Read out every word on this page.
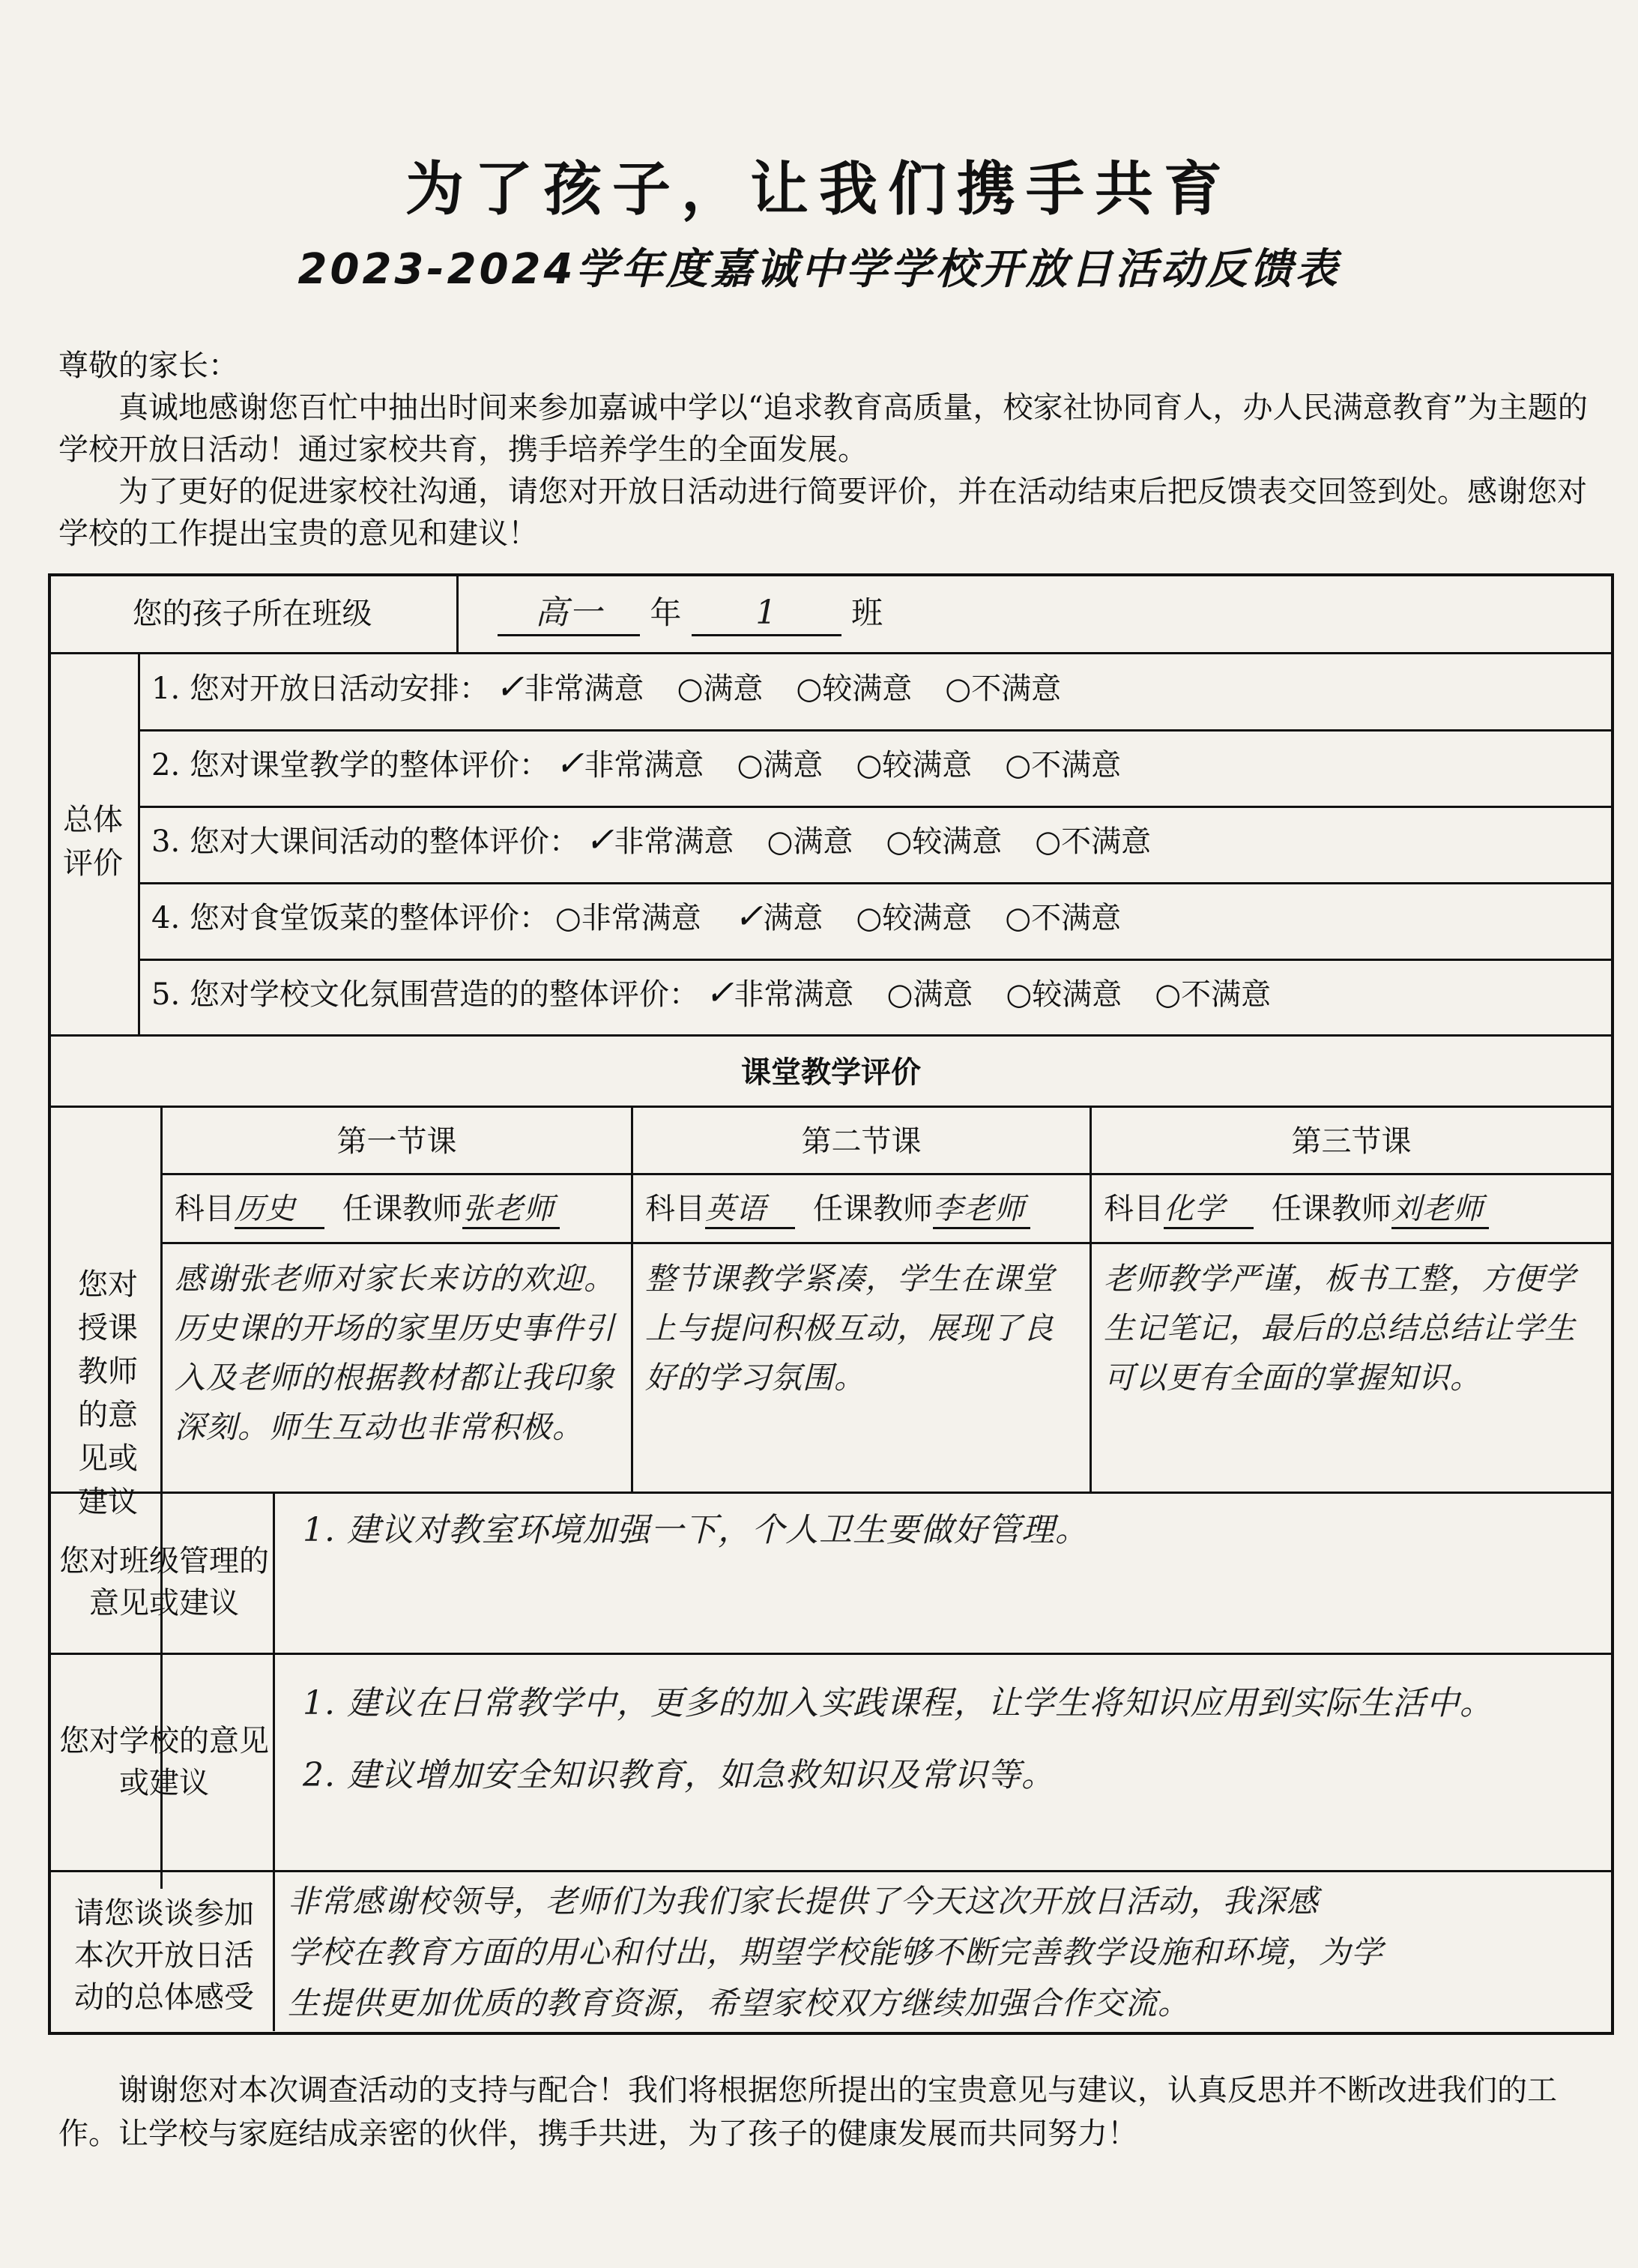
为了孩子，让我们携手共育
2023-2024学年度嘉诚中学学校开放日活动反馈表

尊敬的家长：

真诚地感谢您百忙中抽出时间来参加嘉诚中学以“追求教育高质量，校家社协同育人，办人民满意教育”为主题的学校开放日活动！通过家校共育，携手培养学生的全面发展。

为了更好的促进家校社沟通，请您对开放日活动进行简要评价，并在活动结束后把反馈表交回签到处。感谢您对学校的工作提出宝贵的意见和建议！

您的孩子所在班级	高一 年 1 班
总体评价
1. 您对开放日活动安排： ✓非常满意 ○满意 ○较满意 ○不满意
2. 您对课堂教学的整体评价： ✓非常满意 ○满意 ○较满意 ○不满意
3. 您对大课间活动的整体评价： ✓非常满意 ○满意 ○较满意 ○不满意
4. 您对食堂饭菜的整体评价： ○非常满意 ✓满意 ○较满意 ○不满意
5. 您对学校文化氛围营造的的整体评价： ✓非常满意 ○满意 ○较满意 ○不满意
课堂教学评价
您对授课教师的意见或建议
第一节课
科目历史 任课教师张老师
感谢张老师对家长来访的欢迎。历史课的开场的家里历史事件引入及老师的根据教材都让我印象深刻。师生互动也非常积极。
第二节课
科目英语 任课教师李老师
整节课教学紧凑，学生在课堂上与提问积极互动，展现了良好的学习氛围。
第三节课
科目化学 任课教师刘老师
老师教学严谨，板书工整，方便学生记笔记，最后的总结总结让学生可以更有全面的掌握知识。
您对班级管理的意见或建议
1. 建议对教室环境加强一下，个人卫生要做好管理。
您对学校的意见或建议
1. 建议在日常教学中，更多的加入实践课程，让学生将知识应用到实际生活中。
2. 建议增加安全知识教育，如急救知识及常识等。
请您谈谈参加本次开放日活动的总体感受
非常感谢校领导，老师们为我们家长提供了今天这次开放日活动，我深感
学校在教育方面的用心和付出，期望学校能够不断完善教学设施和环境，为学
生提供更加优质的教育资源，希望家校双方继续加强合作交流。

谢谢您对本次调查活动的支持与配合！我们将根据您所提出的宝贵意见与建议，认真反思并不断改进我们的工作。让学校与家庭结成亲密的伙伴，携手共进，为了孩子的健康发展而共同努力！
